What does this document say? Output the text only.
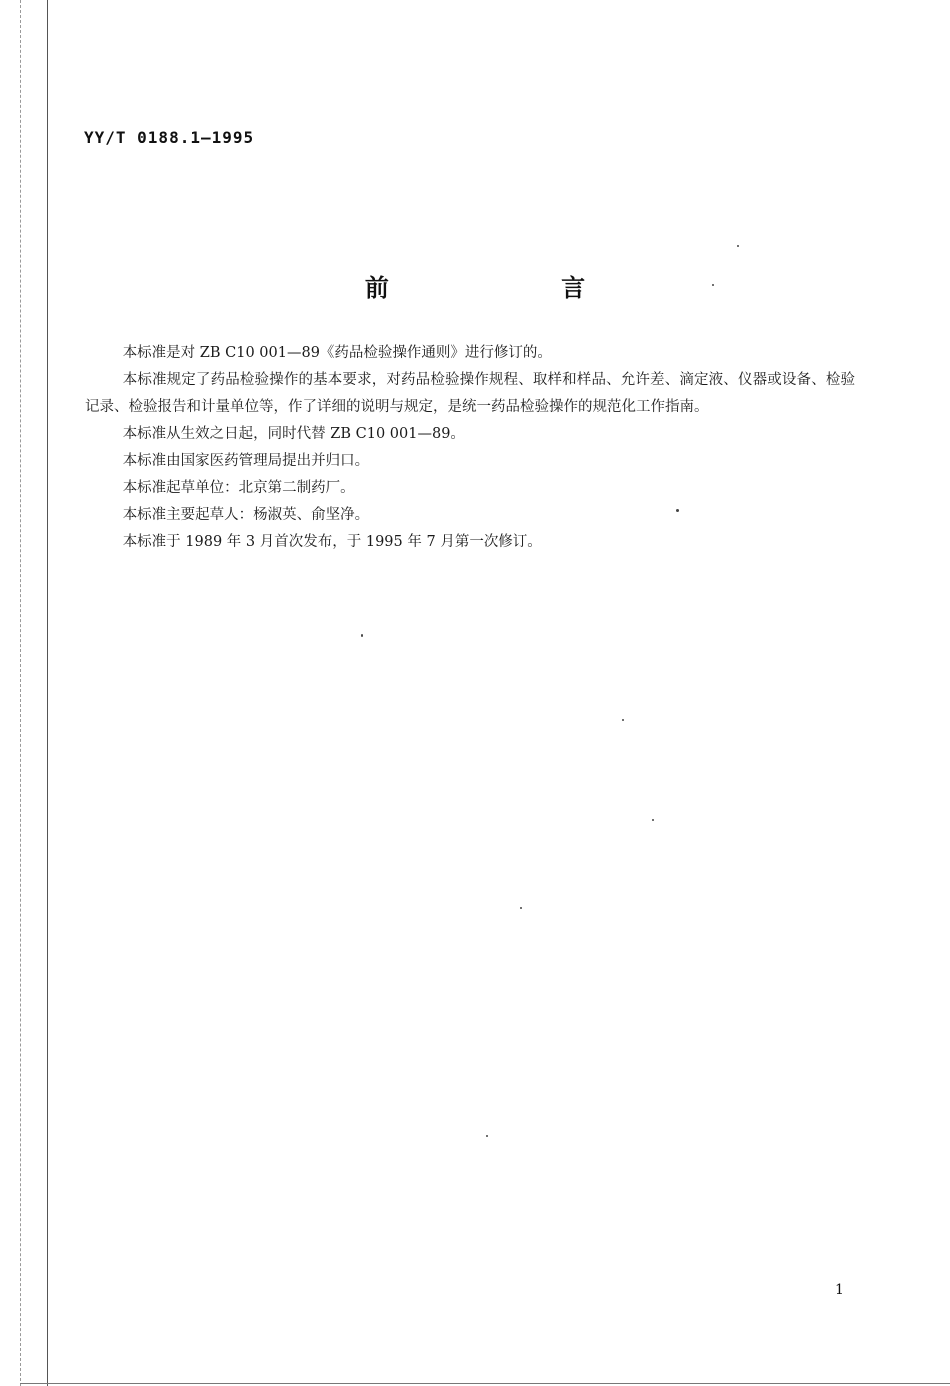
YY/T 0188.1—1995
前 言

本标准是对 ZB C10 001—89《药品检验操作通则》进行修订的。

本标准规定了药品检验操作的基本要求，对药品检验操作规程、取样和样品、允许差、滴定液、仪器或设备、检验记录、检验报告和计量单位等，作了详细的说明与规定，是统一药品检验操作的规范化工作指南。

本标准从生效之日起，同时代替 ZB C10 001—89。

本标准由国家医药管理局提出并归口。

本标准起草单位：北京第二制药厂。

本标准主要起草人：杨淑英、俞坚净。

本标准于 1989 年 3 月首次发布，于 1995 年 7 月第一次修订。

1
